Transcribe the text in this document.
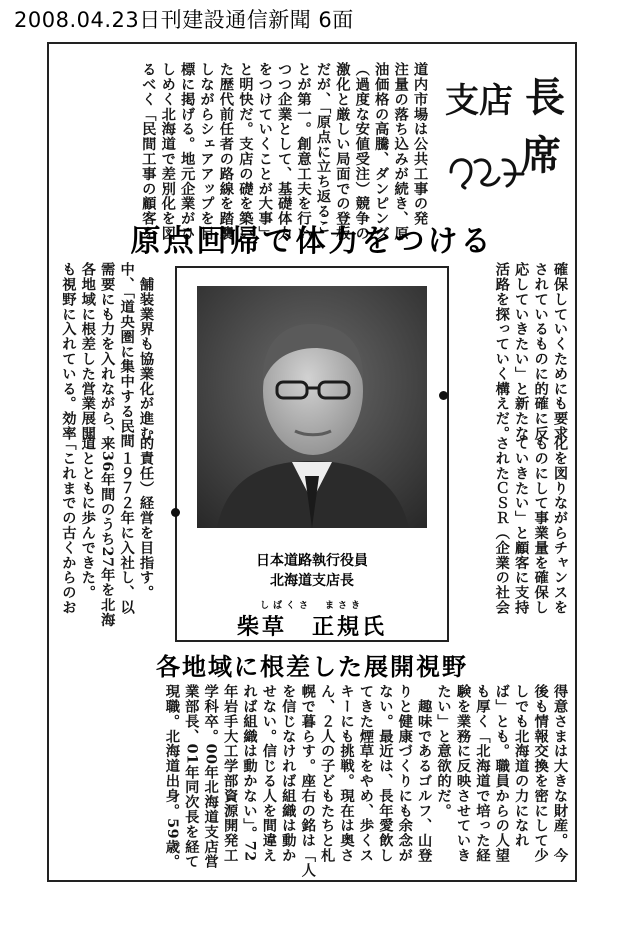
2008.04.23日刊建設通信新聞 6面
道内市場は公共工事の発
注量の落ち込みが続き、原
油価格の高騰、ダンピング
（過度な安値受注）競争の
激化と厳しい局面での登板
だが、「原点に立ち返るこ
とが第一。創意工夫を行い
つつ企業として、基礎体力
をつけていくことが大事」
と明快だ。支店の礎を築い
た歴代前任者の路線を踏襲
しながらシェアアップを目
標に掲げる。地元企業がひ
しめく北海道で差別化を図
るべく「民間工事の顧客を	支店 長
席
原点回帰で体力をつける
確保していくためにも要求
されているものに的確に反
応していきたい」と新たな
活路を探っていく構えだ。
化を図りながらチャンスを
ものにして事業量を確保し
ていきたい」と顧客に支持
されたＣＳＲ（企業の社会
　舗装業界も協業化が進む
中、「道央圏に集中する民間
需要にも力を入れながら、
各地域に根差した営業展開
も視野に入れている。効率
的責任）経営を目指す。
　１９７２年に入社し、以
来36年間のうち27年を北海
道とともに歩んできた。
「これまでの古くからのお	日本道路執行役員
北海道支店長
しばくさ　まさき
柴草　正規氏
各地域に根差した展開視野
得意さまは大きな財産。今
後も情報交換を密にして少
しでも北海道の力になれ
ば」とも。職員からの人望
も厚く「北海道で培った経
験を業務に反映させていき
たい」と意欲的だ。
　趣味であるゴルフ、山登
りと健康づくりにも余念が
ない。最近は、長年愛飲し
てきた煙草をやめ、歩くス
キーにも挑戦。現在は奥さ
ん、２人の子どもたちと札
幌で暮らす。座右の銘は「人
を信じなければ組織は動か
せない。信じる人を間違え
れば組織は動かない」。72
年岩手大工学部資源開発工
学科卒。00年北海道支店営
業部長、01年同次長を経て
現職。北海道出身。59歳。
